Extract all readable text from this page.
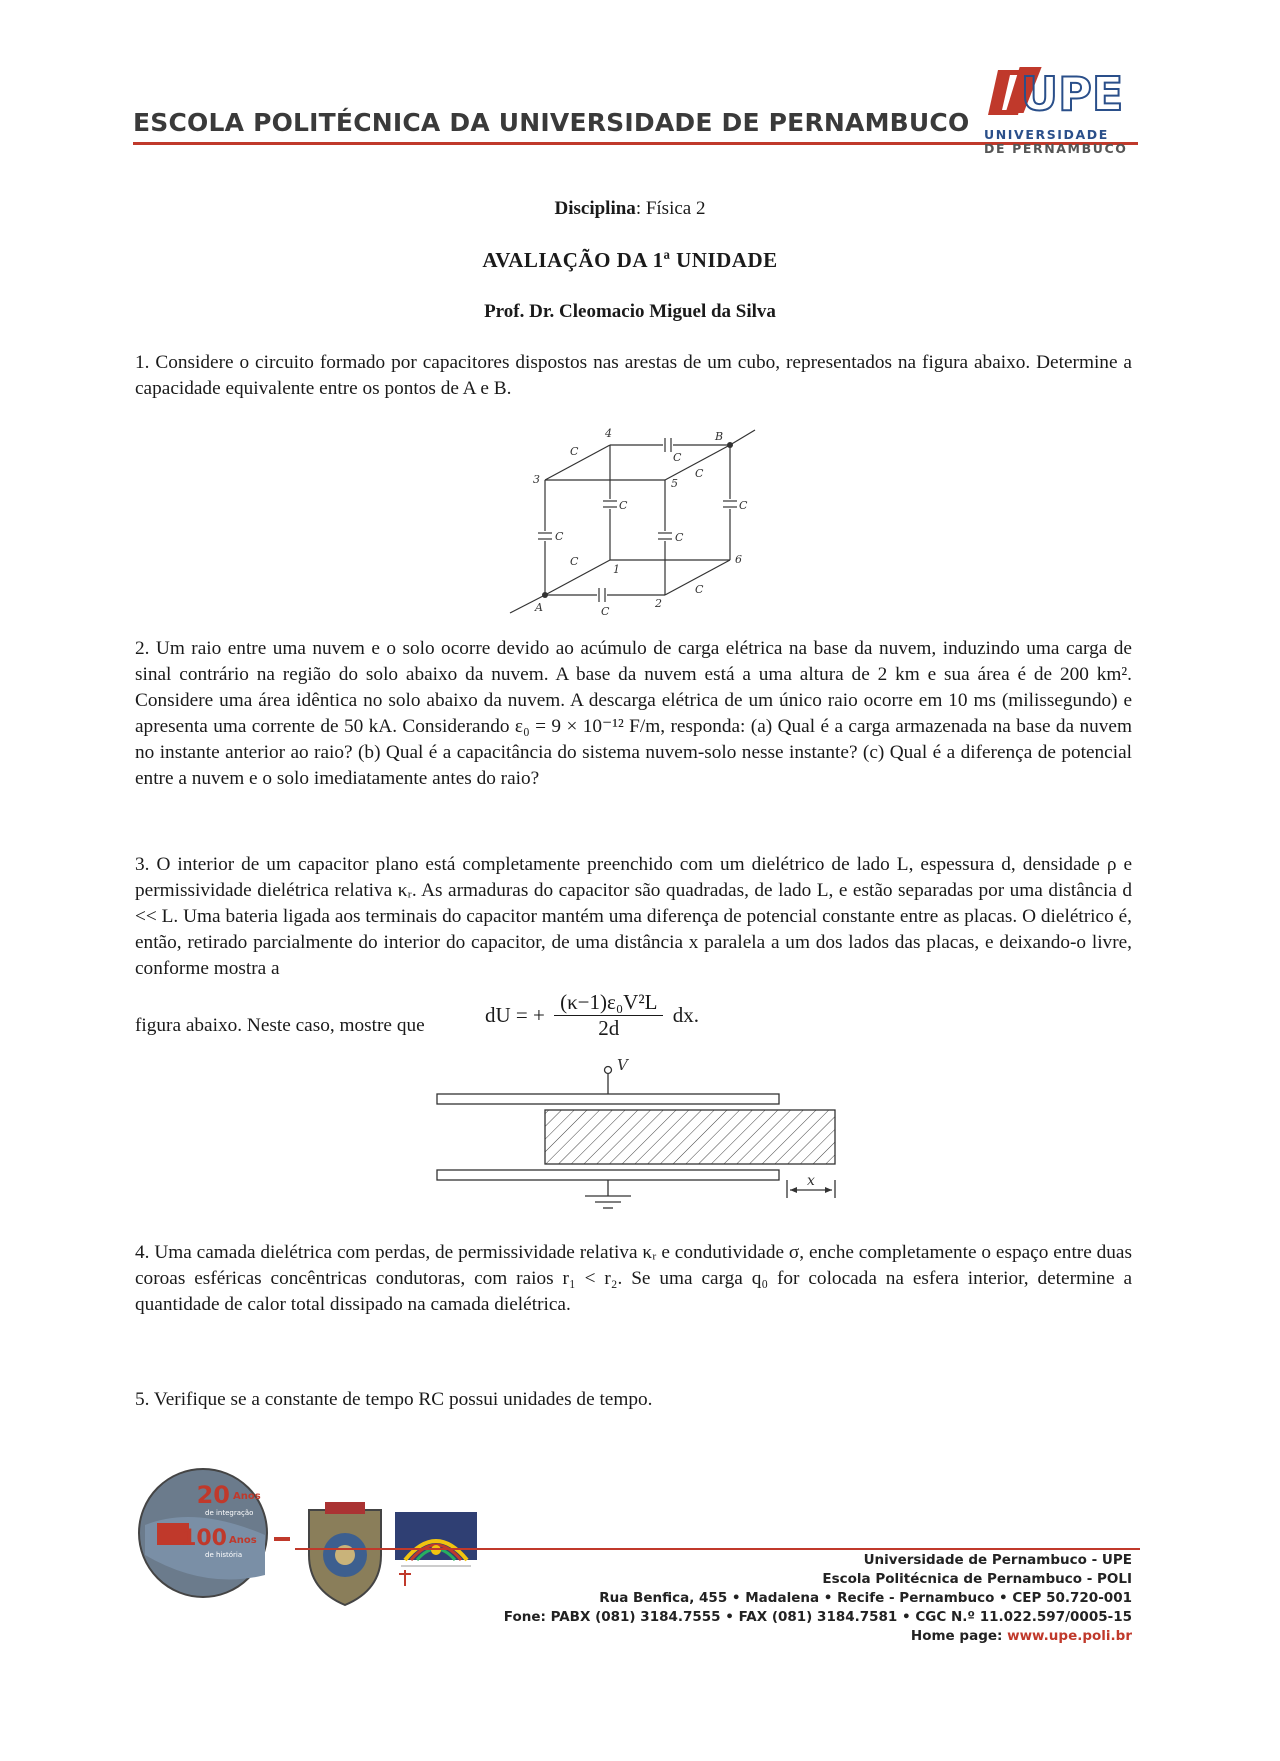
ESCOLA POLITÉCNICA DA UNIVERSIDADE DE PERNAMBUCO
UPE
UNIVERSIDADE
DE PERNAMBUCO
Disciplina: Física 2
AVALIAÇÃO DA 1ª UNIDADE
Prof. Dr. Cleomacio Miguel da Silva
1. Considere o circuito formado por capacitores dispostos nas arestas de um cubo, representados na figura abaixo. Determine a capacidade equivalente entre os pontos de A e B.
A
B
1
2
3
4
5
6
C
C
C
C	C
C
C
C
C
C
2. Um raio entre uma nuvem e o solo ocorre devido ao acúmulo de carga elétrica na base da nuvem, induzindo uma carga de sinal contrário na região do solo abaixo da nuvem. A base da nuvem está a uma altura de 2 km e sua área é de 200 km². Considere uma área idêntica no solo abaixo da nuvem. A descarga elétrica de um único raio ocorre em 10 ms (milissegundo) e apresenta uma corrente de 50 kA. Considerando ε₀ = 9 × 10⁻¹² F/m, responda: (a) Qual é a carga armazenada na base da nuvem no instante anterior ao raio? (b) Qual é a capacitância do sistema nuvem-solo nesse instante? (c) Qual é a diferença de potencial entre a nuvem e o solo imediatamente antes do raio?
3. O interior de um capacitor plano está completamente preenchido com um dielétrico de lado L, espessura d, densidade ρ e permissividade dielétrica relativa κᵣ. As armaduras do capacitor são quadradas, de lado L, e estão separadas por uma distância d << L. Uma bateria ligada aos terminais do capacitor mantém uma diferença de potencial constante entre as placas. O dielétrico é, então, retirado parcialmente do interior do capacitor, de uma distância x paralela a um dos lados das placas, e deixando-o livre, conforme mostra a
figura abaixo. Neste caso, mostre que	dU = + $\frac{\text{(κ−1)ε₀V²L}}{2d}$ dx.
V
x
4. Uma camada dielétrica com perdas, de permissividade relativa κᵣ e condutividade σ, enche completamente o espaço entre duas coroas esféricas concêntricas condutoras, com raios r₁ < r₂. Se uma carga q₀ for colocada na esfera interior, determine a quantidade de calor total dissipado na camada dielétrica.
5. Verifique se a constante de tempo RC possui unidades de tempo.
20 Anos
de integração
100 Anos
de história	Universidade de Pernambuco - UPE
Escola Politécnica de Pernambuco - POLI
Rua Benfica, 455 • Madalena • Recife - Pernambuco • CEP 50.720-001
Fone: PABX (081) 3184.7555 • FAX (081) 3184.7581 • CGC N.º 11.022.597/0005-15
Home page: www.upe.poli.br
